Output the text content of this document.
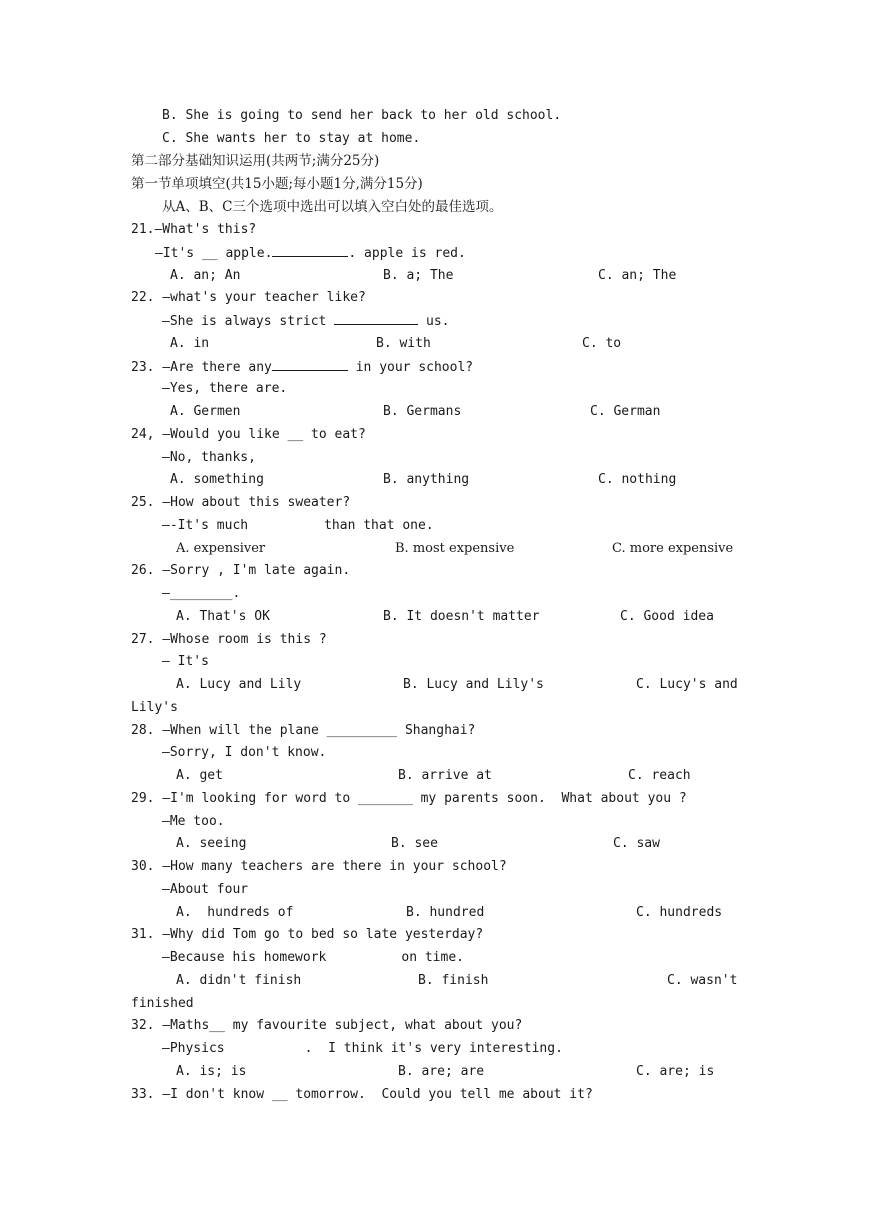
B. She is going to send her back to her old school.
C. She wants her to stay at home.
第二部分基础知识运用(共两节;满分25分)
第一节单项填空(共15小题;每小题1分,满分15分)
从A、B、C三个选项中选出可以填入空白处的最佳选项。
21.—What's this?
—It's __ apple.	. apple is red.
A. an; An	B. a; The	C. an; The
22. —what's your teacher like?
—She is always strict	us.
A. in	B. with	C. to
23. —Are there any	in your school?
—Yes, there are.
A. Germen	B. Germans	C. German
24, —Would you like __ to eat?
—No, thanks,
A. something	B. anything	C. nothing
25. —How about this sweater?
—-It's much	than that one.
A. expensiver	B. most expensive	C. more expensive
26. —Sorry , I'm late again.
—________.
A. That's OK	B. It doesn't matter	C. Good idea
27. —Whose room is this ?
— It's
A. Lucy and Lily	B. Lucy and Lily's	C. Lucy's and
Lily's
28. —When will the plane _________ Shanghai?
—Sorry, I don't know.
A. get	B. arrive at	C. reach
29. —I'm looking for word to _______ my parents soon.  What about you ?
—Me too.
A. seeing	B. see	C. saw
30. —How many teachers are there in your school?
—About four
A.  hundreds of	B. hundred	C. hundreds
31. —Why did Tom go to bed so late yesterday?
—Because his homework	on time.
A. didn't finish	B. finish	C. wasn't
finished
32. —Maths__ my favourite subject, what about you?
—Physics	.  I think it's very interesting.
A. is; is	B. are; are	C. are; is
33. —I don't know __ tomorrow.  Could you tell me about it?
